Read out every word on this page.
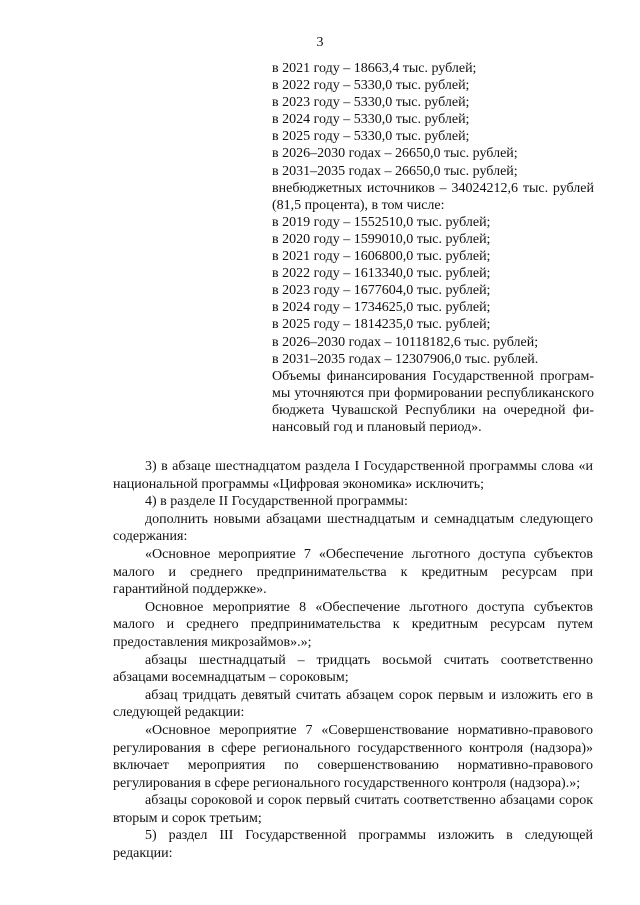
3
в 2021 году – 18663,4 тыс. рублей;
в 2022 году – 5330,0 тыс. рублей;
в 2023 году – 5330,0 тыс. рублей;
в 2024 году – 5330,0 тыс. рублей;
в 2025 году – 5330,0 тыс. рублей;
в 2026–2030 годах – 26650,0 тыс. рублей;
в 2031–2035 годах – 26650,0 тыс. рублей;
внебюджетных источников – 34024212,6 тыс. рублей
(81,5 процента), в том числе:
в 2019 году – 1552510,0 тыс. рублей;
в 2020 году – 1599010,0 тыс. рублей;
в 2021 году – 1606800,0 тыс. рублей;
в 2022 году – 1613340,0 тыс. рублей;
в 2023 году – 1677604,0 тыс. рублей;
в 2024 году – 1734625,0 тыс. рублей;
в 2025 году – 1814235,0 тыс. рублей;
в 2026–2030 годах – 10118182,6 тыс. рублей;
в 2031–2035 годах – 12307906,0 тыс. рублей.
Объемы финансирования Государственной програм-
мы уточняются при формировании республиканского
бюджета Чувашской Республики на очередной фи-
нансовый год и плановый период».

3) в абзаце шестнадцатом раздела I Государственной программы слова «и национальной программы «Цифровая экономика» исключить;

4) в разделе II Государственной программы:

дополнить новыми абзацами шестнадцатым и семнадцатым следующего содержания:

«Основное мероприятие 7 «Обеспечение льготного доступа субъектов малого и среднего предпринимательства к кредитным ресурсам при гарантийной поддержке».

Основное мероприятие 8 «Обеспечение льготного доступа субъектов малого и среднего предпринимательства к кредитным ресурсам путем предоставления микрозаймов».»;

абзацы шестнадцатый – тридцать восьмой считать соответственно абзацами восемнадцатым – сороковым;

абзац тридцать девятый считать абзацем сорок первым и изложить его в следующей редакции:

«Основное мероприятие 7 «Совершенствование нормативно-правового регулирования в сфере регионального государственного контроля (надзора)» включает мероприятия по совершенствованию нормативно-правового регулирования в сфере регионального государственного контроля (надзора).»;

абзацы сороковой и сорок первый считать соответственно абзацами сорок вторым и сорок третьим;

5) раздел III Государственной программы изложить в следующей редакции:
